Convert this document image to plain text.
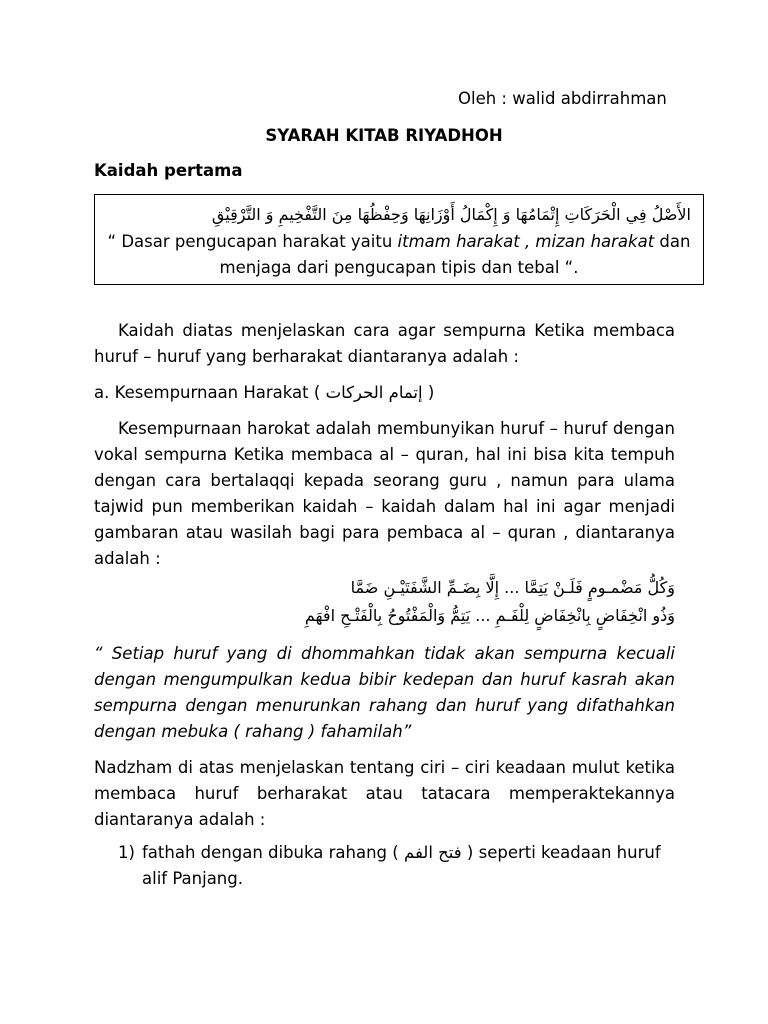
Oleh : walid abdirrahman
SYARAH KITAB RIYADHOH
Kaidah pertama
الأَصْلُ فِي الْحَرَكَاتِ إِتْمَامُهَا وَ إِكْمَالُ أَوْزَانِهَا وَحِفْظُهَا مِنَ التَّفْخِيمِ وَ التَّرْقِيْقِ
“ Dasar pengucapan harakat yaitu itmam harakat , mizan harakat dan menjaga dari pengucapan tipis dan tebal “.
Kaidah diatas menjelaskan cara agar sempurna Ketika membaca huruf – huruf yang berharakat diantaranya adalah :
a. Kesempurnaan Harakat ( إتمام الحركات )
Kesempurnaan harokat adalah membunyikan huruf – huruf dengan vokal sempurna Ketika membaca al – quran, hal ini bisa kita tempuh dengan cara bertalaqqi kepada seorang guru , namun para ulama tajwid pun memberikan kaidah – kaidah dalam hal ini agar menjadi gambaran atau wasilah bagi para pembaca al – quran , diantaranya adalah :
وَكُلُّ مَضْمـومٍ فَلَـنْ يَتِمَّا ... إِلَّا بِضَـمِّ الشَّفَتَيْـنِ ضَمَّا
وَذُو انْخِفَاضٍ بِانْخِفَاضٍ لِلْفَـمِ ... يَتِمُّ وَالْمَفْتُوحُ بِالْفَتْـحِ افْهَمِ
“ Setiap huruf yang di dhommahkan tidak akan sempurna kecuali dengan mengumpulkan kedua bibir kedepan dan huruf kasrah akan sempurna dengan menurunkan rahang dan huruf yang difathahkan dengan mebuka ( rahang ) fahamilah”
Nadzham di atas menjelaskan tentang ciri – ciri keadaan mulut ketika membaca huruf berharakat atau tatacara memperaktekannya diantaranya adalah :
1) fathah dengan dibuka rahang ( فتح الفم ) seperti keadaan huruf alif Panjang.
